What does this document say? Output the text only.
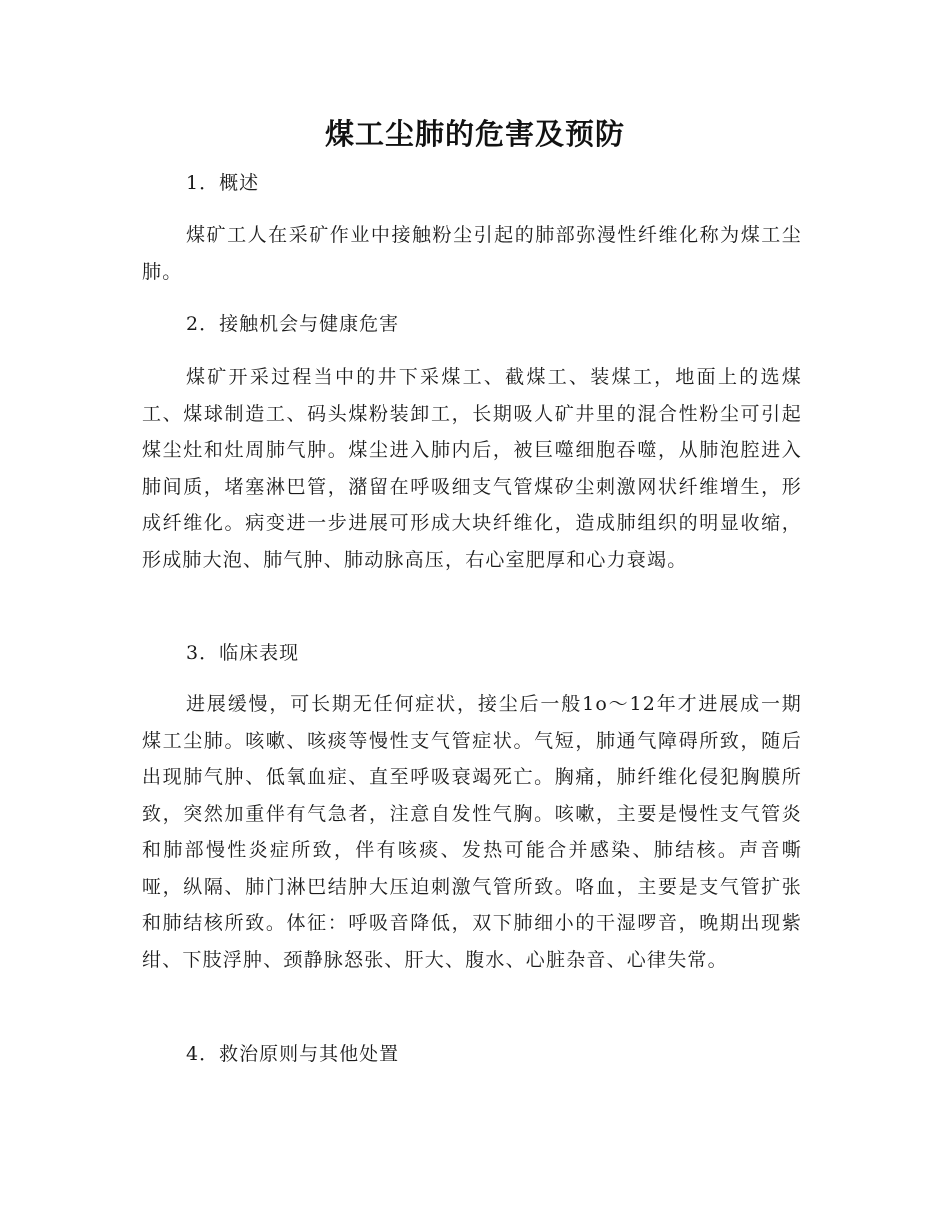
煤工尘肺的危害及预防
1．概述
煤矿工人在采矿作业中接触粉尘引起的肺部弥漫性纤维化称为煤工尘肺。
2．接触机会与健康危害
煤矿开采过程当中的井下采煤工、截煤工、装煤工，地面上的选煤工、煤球制造工、码头煤粉装卸工，长期吸人矿井里的混合性粉尘可引起煤尘灶和灶周肺气肿。煤尘进入肺内后，被巨噬细胞吞噬，从肺泡腔进入肺间质，堵塞淋巴管，潴留在呼吸细支气管煤矽尘刺激网状纤维增生，形成纤维化。病变进一步进展可形成大块纤维化，造成肺组织的明显收缩，形成肺大泡、肺气肿、肺动脉高压，右心室肥厚和心力衰竭。
3．临床表现
进展缓慢，可长期无任何症状，接尘后一般1o～12年才进展成一期煤工尘肺。咳嗽、咳痰等慢性支气管症状。气短，肺通气障碍所致，随后出现肺气肿、低氧血症、直至呼吸衰竭死亡。胸痛，肺纤维化侵犯胸膜所致，突然加重伴有气急者，注意自发性气胸。咳嗽，主要是慢性支气管炎和肺部慢性炎症所致，伴有咳痰、发热可能合并感染、肺结核。声音嘶哑，纵隔、肺门淋巴结肿大压迫刺激气管所致。咯血，主要是支气管扩张和肺结核所致。体征：呼吸音降低，双下肺细小的干湿啰音，晚期出现紫绀、下肢浮肿、颈静脉怒张、肝大、腹水、心脏杂音、心律失常。
4．救治原则与其他处置
